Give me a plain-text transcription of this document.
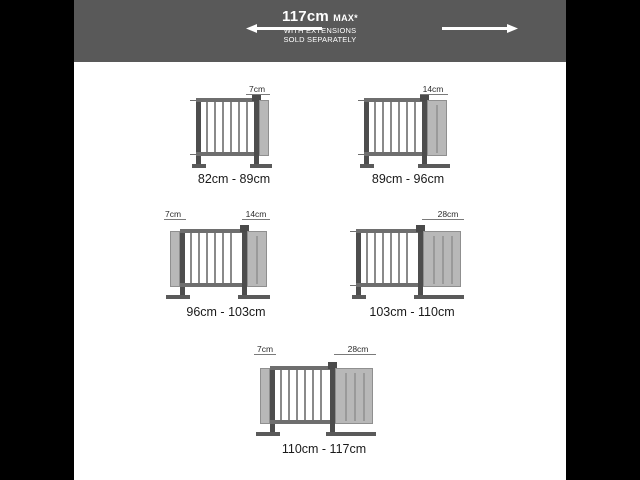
117cm MAX*
WITH EXTENSIONS
SOLD SEPARATELY
7cm
82cm - 89cm
14cm
89cm - 96cm
7cm	14cm
96cm - 103cm
28cm
103cm - 110cm
7cm	28cm
110cm - 117cm
